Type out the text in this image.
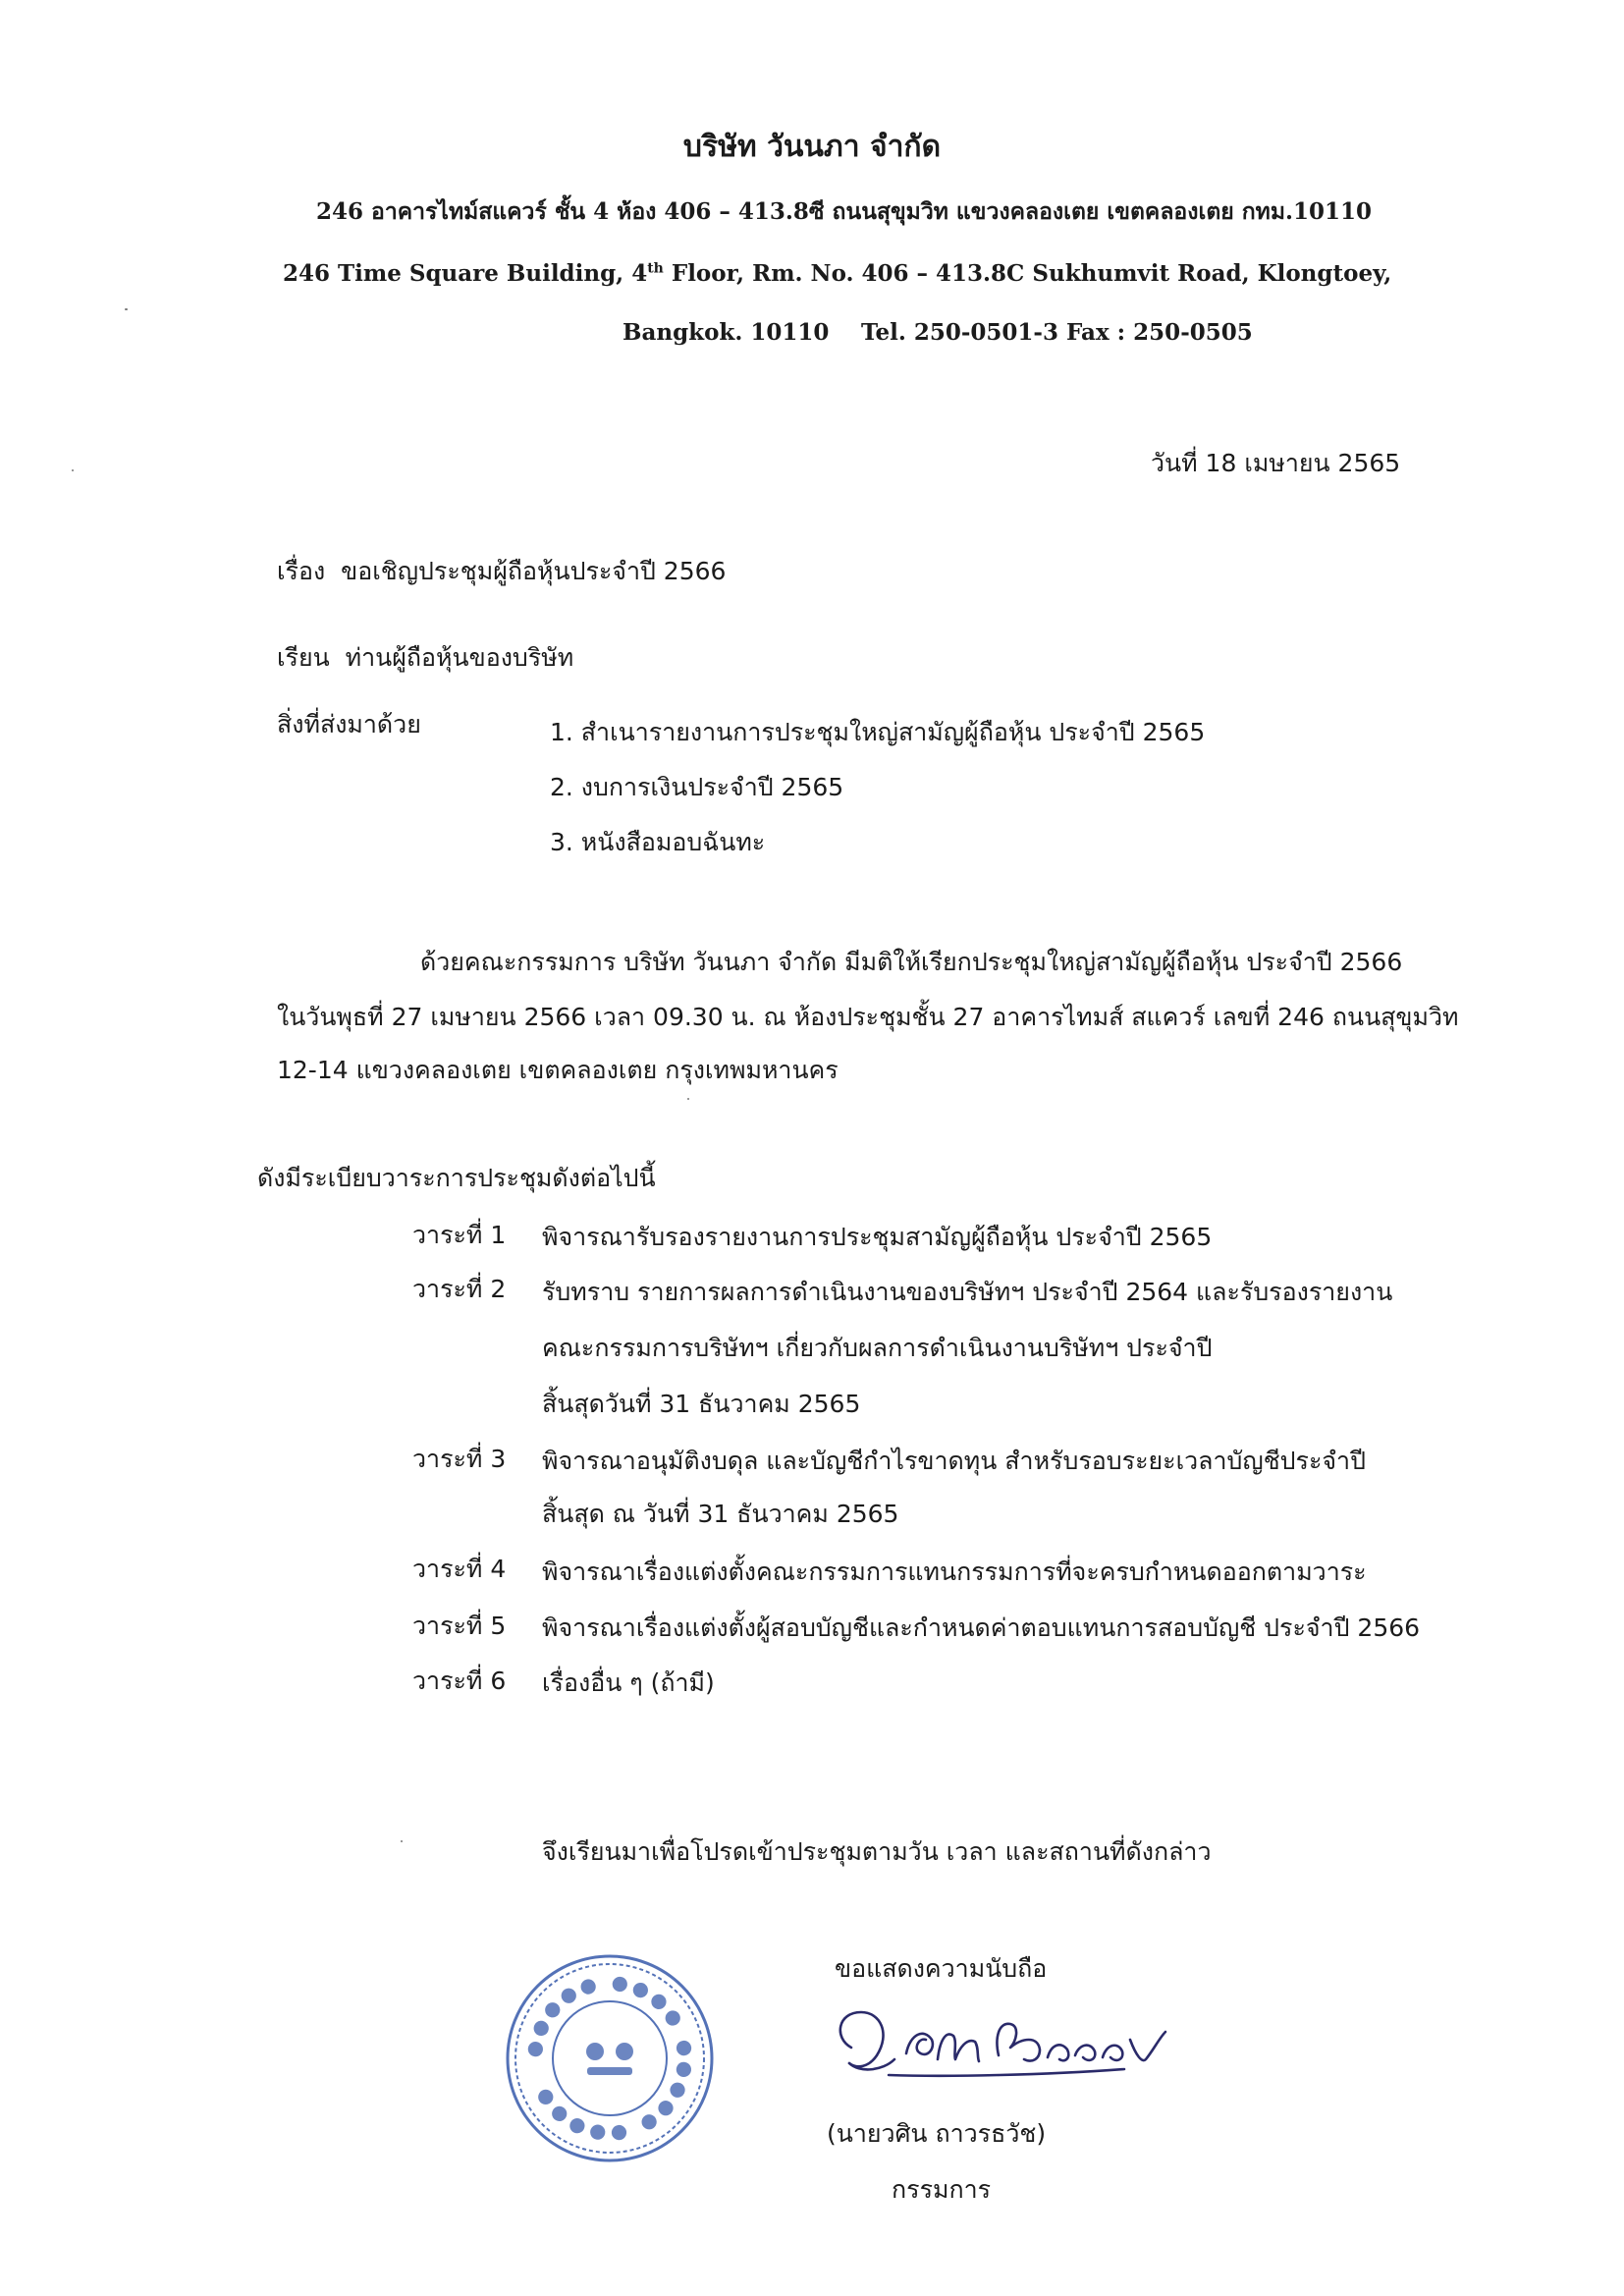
บริษัท วันนภา จำกัด
246 อาคารไทม์สแควร์ ชั้น 4 ห้อง 406 – 413.8ซี ถนนสุขุมวิท แขวงคลองเตย เขตคลองเตย กทม.10110
246 Time Square Building, 4th Floor, Rm. No. 406 – 413.8C Sukhumvit Road, Klongtoey,
Bangkok. 10110 Tel. 250-0501-3 Fax : 250-0505
วันที่ 18 เมษายน 2565
เรื่อง ขอเชิญประชุมผู้ถือหุ้นประจำปี 2566
เรียน ท่านผู้ถือหุ้นของบริษัท
สิ่งที่ส่งมาด้วย	1. สำเนารายงานการประชุมใหญ่สามัญผู้ถือหุ้น ประจำปี 2565
2. งบการเงินประจำปี 2565
3. หนังสือมอบฉันทะ
ด้วยคณะกรรมการ บริษัท วันนภา จำกัด มีมติให้เรียกประชุมใหญ่สามัญผู้ถือหุ้น ประจำปี 2566
ในวันพุธที่ 27 เมษายน 2566 เวลา 09.30 น. ณ ห้องประชุมชั้น 27 อาคารไทมส์ สแควร์ เลขที่ 246 ถนนสุขุมวิท
12-14 แขวงคลองเตย เขตคลองเตย กรุงเทพมหานคร
ดังมีระเบียบวาระการประชุมดังต่อไปนี้
วาระที่ 1 พิจารณารับรองรายงานการประชุมสามัญผู้ถือหุ้น ประจำปี 2565
วาระที่ 2 รับทราบ รายการผลการดำเนินงานของบริษัทฯ ประจำปี 2564 และรับรองรายงาน
คณะกรรมการบริษัทฯ เกี่ยวกับผลการดำเนินงานบริษัทฯ ประจำปี
สิ้นสุดวันที่ 31 ธันวาคม 2565
วาระที่ 3 พิจารณาอนุมัติงบดุล และบัญชีกำไรขาดทุน สำหรับรอบระยะเวลาบัญชีประจำปี
สิ้นสุด ณ วันที่ 31 ธันวาคม 2565
วาระที่ 4 พิจารณาเรื่องแต่งตั้งคณะกรรมการแทนกรรมการที่จะครบกำหนดออกตามวาระ
วาระที่ 5 พิจารณาเรื่องแต่งตั้งผู้สอบบัญชีและกำหนดค่าตอบแทนการสอบบัญชี ประจำปี 2566
วาระที่ 6 เรื่องอื่น ๆ (ถ้ามี)
จึงเรียนมาเพื่อโปรดเข้าประชุมตามวัน เวลา และสถานที่ดังกล่าว
ขอแสดงความนับถือ
(นายวศิน ถาวรธวัช)
กรรมการ
●●●●● ●●●● ●●●●● ●●●●●
